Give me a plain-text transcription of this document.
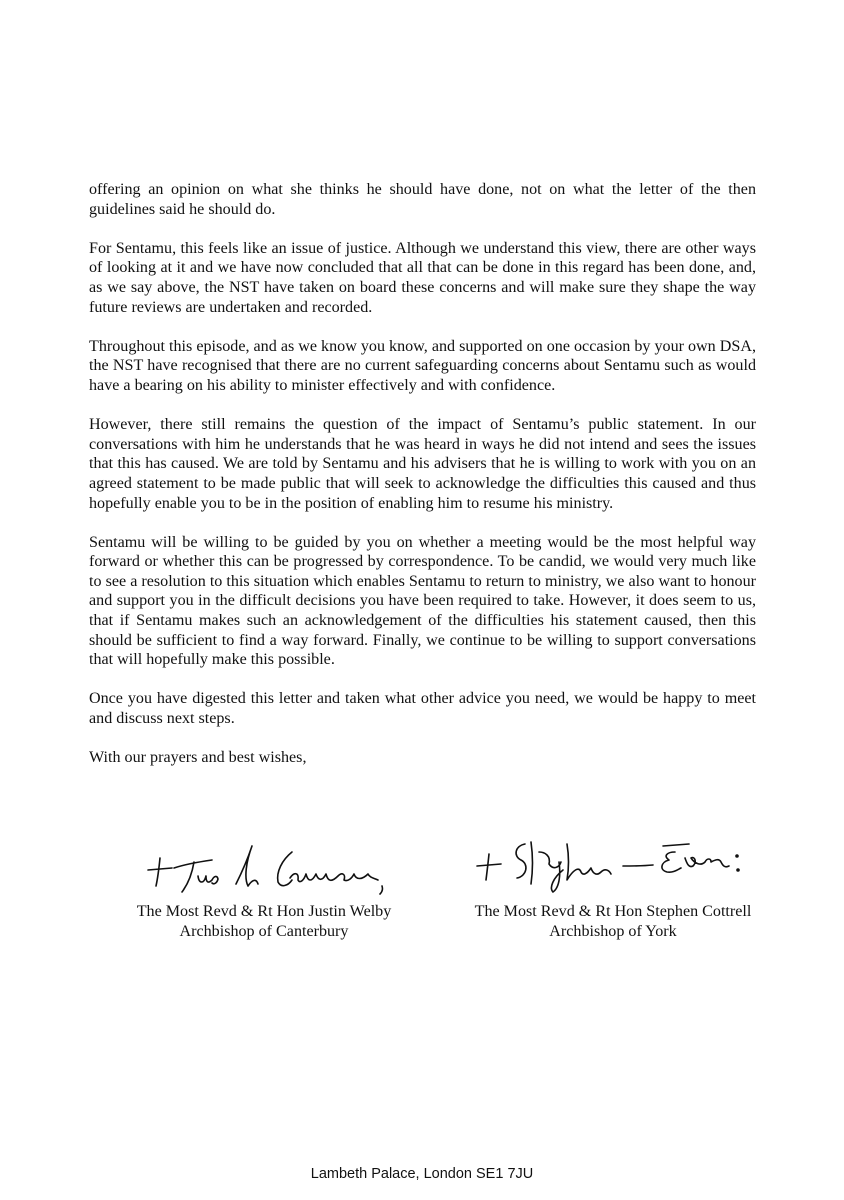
offering an opinion on what she thinks he should have done, not on what the letter of the then guidelines said he should do.

For Sentamu, this feels like an issue of justice. Although we understand this view, there are other ways of looking at it and we have now concluded that all that can be done in this regard has been done, and, as we say above, the NST have taken on board these concerns and will make sure they shape the way future reviews are undertaken and recorded.

Throughout this episode, and as we know you know, and supported on one occasion by your own DSA, the NST have recognised that there are no current safeguarding concerns about Sentamu such as would have a bearing on his ability to minister effectively and with confidence.

However, there still remains the question of the impact of Sentamu’s public statement. In our conversations with him he understands that he was heard in ways he did not intend and sees the issues that this has caused. We are told by Sentamu and his advisers that he is willing to work with you on an agreed statement to be made public that will seek to acknowledge the difficulties this caused and thus hopefully enable you to be in the position of enabling him to resume his ministry.

Sentamu will be willing to be guided by you on whether a meeting would be the most helpful way forward or whether this can be progressed by correspondence. To be candid, we would very much like to see a resolution to this situation which enables Sentamu to return to ministry, we also want to honour and support you in the difficult decisions you have been required to take. However, it does seem to us, that if Sentamu makes such an acknowledgement of the difficulties his statement caused, then this should be sufficient to find a way forward. Finally, we continue to be willing to support conversations that will hopefully make this possible.

Once you have digested this letter and taken what other advice you need, we would be happy to meet and discuss next steps.

With our prayers and best wishes,

The Most Revd & Rt Hon Justin Welby
Archbishop of Canterbury
The Most Revd & Rt Hon Stephen Cottrell
Archbishop of York
Lambeth Palace, London SE1 7JU
